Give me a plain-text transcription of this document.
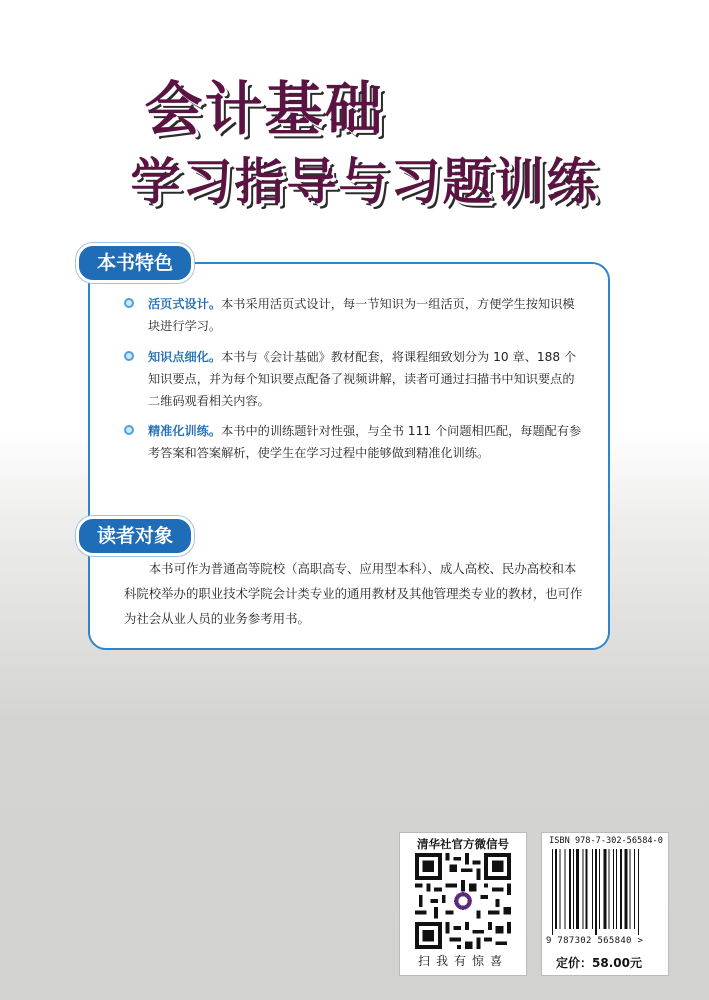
会计基础
学习指导与习题训练
本书特色
活页式设计。本书采用活页式设计，每一节知识为一组活页，方便学生按知识模块进行学习。
知识点细化。本书与《会计基础》教材配套，将课程细致划分为 10 章、188 个知识要点，并为每个知识要点配备了视频讲解，读者可通过扫描书中知识要点的二维码观看相关内容。
精准化训练。本书中的训练题针对性强，与全书 111 个问题相匹配，每题配有参考答案和答案解析，使学生在学习过程中能够做到精准化训练。
读者对象
本书可作为普通高等院校（高职高专、应用型本科）、成人高校、民办高校和本科院校举办的职业技术学院会计类专业的通用教材及其他管理类专业的教材，也可作为社会从业人员的业务参考用书。
清华社官方微信号
扫我有惊喜
ISBN 978-7-302-56584-0
9 787302 565840 >
定价：58.00元
